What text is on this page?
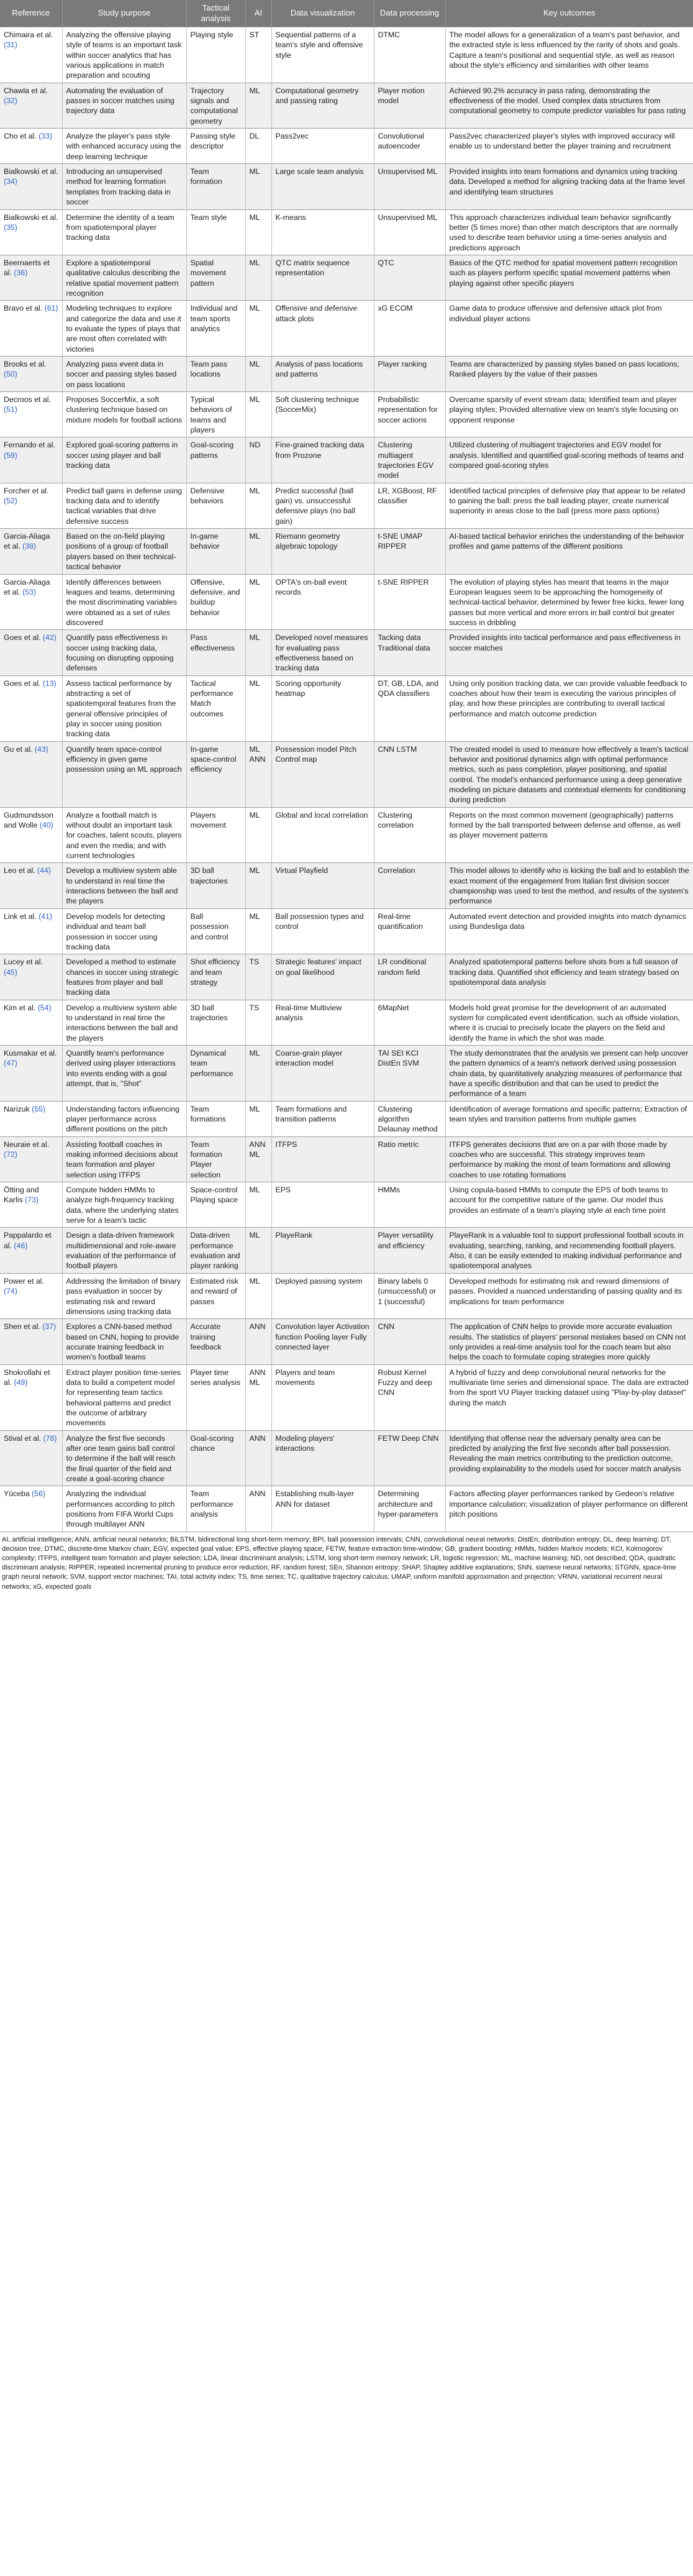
Reference	Study purpose	Tactical analysis	AI	Data visualization	Data processing	Key outcomes
Chimaira et al. (31)	Analyzing the offensive playing style of teams is an important task within soccer analytics that has various applications in match preparation and scouting	Playing style	ST	Sequential patterns of a team's style and offensive style	DTMC	The model allows for a generalization of a team's past behavior, and the extracted style is less influenced by the rarity of shots and goals. Capture a team's positional and sequential style, as well as reason about the style's efficiency and similarities with other teams
Chawla et al. (32)	Automating the evaluation of passes in soccer matches using trajectory data	Trajectory signals and computational geometry	ML	Computational geometry and passing rating	Player motion model	Achieved 90.2% accuracy in pass rating, demonstrating the effectiveness of the model. Used complex data structures from computational geometry to compute predictor variables for pass rating
Cho et al. (33)	Analyze the player's pass style with enhanced accuracy using the deep learning technique	Passing style descriptor	DL	Pass2vec	Convolutional autoencoder	Pass2vec characterized player's styles with improved accuracy will enable us to understand better the player training and recruitment
Bialkowski et al. (34)	Introducing an unsupervised method for learning formation templates from tracking data in soccer	Team formation	ML	Large scale team analysis	Unsupervised ML	Provided insights into team formations and dynamics using tracking data. Developed a method for aligning tracking data at the frame level and identifying team structures
Bialkowski et al. (35)	Determine the identity of a team from spatiotemporal player tracking data	Team style	ML	K-means	Unsupervised ML	This approach characterizes individual team behavior significantly better (5 times more) than other match descriptors that are normally used to describe team behavior using a time-series analysis and predictions approach
Beernaerts et al. (36)	Explore a spatiotemporal qualitative calculus describing the relative spatial movement pattern recognition	Spatial movement pattern	ML	QTC matrix sequence representation	QTC	Basics of the QTC method for spatial movement pattern recognition such as players perform specific spatial movement patterns when playing against other specific players
Bravo et al. (61)	Modeling techniques to explore and categorize the data and use it to evaluate the types of plays that are most often correlated with victories	Individual and team sports analytics	ML	Offensive and defensive attack plots	xG ECOM	Game data to produce offensive and defensive attack plot from individual player actions
Brooks et al. (50)	Analyzing pass event data in soccer and passing styles based on pass locations	Team pass locations	ML	Analysis of pass locations and patterns	Player ranking	Teams are characterized by passing styles based on pass locations; Ranked players by the value of their passes
Decroos et al. (51)	Proposes SoccerMix, a soft clustering technique based on mixture models for football actions	Typical behaviors of teams and players	ML	Soft clustering technique (SoccerMix)	Probabilistic representation for soccer actions	Overcame sparsity of event stream data; Identified team and player playing styles; Provided alternative view on team's style focusing on opponent response
Fernando et al. (59)	Explored goal-scoring patterns in soccer using player and ball tracking data	Goal-scoring patterns	ND	Fine-grained tracking data from Prozone	Clustering multiagent trajectories EGV model	Utilized clustering of multiagent trajectories and EGV model for analysis. Identified and quantified goal-scoring methods of teams and compared goal-scoring styles
Forcher et al. (52)	Predict ball gains in defense using tracking data and to identify tactical variables that drive defensive success	Defensive behaviors	ML	Predict successful (ball gain) vs. unsuccessful defensive plays (no ball gain)	LR, XGBoost, RF classifier	Identified tactical principles of defensive play that appear to be related to gaining the ball: press the ball leading player, create numerical superiority in areas close to the ball (press more pass options)
Garcia-Aliaga et al. (38)	Based on the on-field playing positions of a group of football players based on their technical-tactical behavior	In-game behavior	ML	Riemann geometry algebraic topology	t-SNE UMAP RIPPER	AI-based tactical behavior enriches the understanding of the behavior profiles and game patterns of the different positions
Garcia-Aliaga et al. (53)	Identify differences between leagues and teams, determining the most discriminating variables were obtained as a set of rules discovered	Offensive, defensive, and buildup behavior	ML	OPTA's on-ball event records	t-SNE RIPPER	The evolution of playing styles has meant that teams in the major European leagues seem to be approaching the homogeneity of technical-tactical behavior, determined by fewer free kicks, fewer long passes but more vertical and more errors in ball control but greater success in dribbling
Goes et al. (42)	Quantify pass effectiveness in soccer using tracking data, focusing on disrupting opposing defenses	Pass effectiveness	ML	Developed novel measures for evaluating pass effectiveness based on tracking data	Tacking data Traditional data	Provided insights into tactical performance and pass effectiveness in soccer matches
Goes et al. (13)	Assess tactical performance by abstracting a set of spatiotemporal features from the general offensive principles of play in soccer using position tracking data	Tactical performance Match outcomes	ML	Scoring opportunity heatmap	DT, GB, LDA, and QDA classifiers	Using only position tracking data, we can provide valuable feedback to coaches about how their team is executing the various principles of play, and how these principles are contributing to overall tactical performance and match outcome prediction
Gu et al. (43)	Quantify team space-control efficiency in given game possession using an ML approach	In-game space-control efficiency	ML ANN	Possession model Pitch Control map	CNN LSTM	The created model is used to measure how effectively a team's tactical behavior and positional dynamics align with optimal performance metrics, such as pass completion, player positioning, and spatial control. The model's enhanced performance using a deep generative modeling on picture datasets and contextual elements for conditioning during prediction
Gudmundsson and Wolle (40)	Analyze a football match is without doubt an important task for coaches, talent scouts, players and even the media; and with current technologies	Players movement	ML	Global and local correlation	Clustering correlation	Reports on the most common movement (geographically) patterns formed by the ball transported between defense and offense, as well as player movement patterns
Leo et al. (44)	Develop a multiview system able to understand in real time the interactions between the ball and the players	3D ball trajectories	ML	Virtual Playfield	Correlation	This model allows to identify who is kicking the ball and to establish the exact moment of the engagement from Italian first division soccer championship was used to test the method, and results of the system's performance
Link et al. (41)	Develop models for detecting individual and team ball possession in soccer using tracking data	Ball possession and control	ML	Ball possession types and control	Real-time quantification	Automated event detection and provided insights into match dynamics using Bundesliga data
Lucey et al. (45)	Developed a method to estimate chances in soccer using strategic features from player and ball tracking data	Shot efficiency and team strategy	TS	Strategic features' impact on goal likelihood	LR conditional random field	Analyzed spatiotemporal patterns before shots from a full season of tracking data. Quantified shot efficiency and team strategy based on spatiotemporal data analysis
Kim et al. (54)	Develop a multiview system able to understand in real time the interactions between the ball and the players	3D ball trajectories	TS	Real-time Multiview analysis	6MapNet	Models hold great promise for the development of an automated system for complicated event identification, such as offside violation, where it is crucial to precisely locate the players on the field and identify the frame in which the shot was made.
Kusmakar et al. (47)	Quantify team's performance derived using player interactions into events ending with a goal attempt, that is, "Shot"	Dynamical team performance	ML	Coarse-grain player interaction model	TAI SEI KCI DistEn SVM	The study demonstrates that the analysis we present can help uncover the pattern dynamics of a team's network derived using possession chain data, by quantitatively analyzing measures of performance that have a specific distribution and that can be used to predict the performance of a team
Narizuk (55)	Understanding factors influencing player performance across different positions on the pitch	Team formations	ML	Team formations and transition patterns	Clustering algorithm Delaunay method	Identification of average formations and specific patterns; Extraction of team styles and transition patterns from multiple games
Neuraie et al. (72)	Assisting football coaches in making informed decisions about team formation and player selection using ITFPS	Team formation Player selection	ANN ML	ITFPS	Ratio metric	ITFPS generates decisions that are on a par with those made by coaches who are successful. This strategy improves team performance by making the most of team formations and allowing coaches to use rotating formations
Ötting and Karlis (73)	Compute hidden HMMs to analyze high-frequency tracking data, where the underlying states serve for a team's tactic	Space-control Playing space	ML	EPS	HMMs	Using copula-based HMMs to compute the EPS of both teams to account for the competitive nature of the game. Our model thus provides an estimate of a team's playing style at each time point
Pappalardo et al. (46)	Design a data-driven framework multidimensional and role-aware evaluation of the performance of football players	Data-driven performance evaluation and player ranking	ML	PlayeRank	Player versatility and efficiency	PlayeRank is a valuable tool to support professional football scouts in evaluating, searching, ranking, and recommending football players. Also, it can be easily extended to making individual performance and spatiotemporal analyses
Power et al. (74)	Addressing the limitation of binary pass evaluation in soccer by estimating risk and reward dimensions using tracking data	Estimated risk and reward of passes	ML	Deployed passing system	Binary labels 0 (unsuccessful) or 1 (successful)	Developed methods for estimating risk and reward dimensions of passes. Provided a nuanced understanding of passing quality and its implications for team performance
Shen et al. (37)	Explores a CNN-based method based on CNN, hoping to provide accurate training feedback in women's football teams	Accurate training feedback	ANN	Convolution layer Activation function Pooling layer Fully connected layer	CNN	The application of CNN helps to provide more accurate evaluation results. The statistics of players' personal mistakes based on CNN not only provides a real-time analysis tool for the coach team but also helps the coach to formulate coping strategies more quickly
Shokrollahi et al. (49)	Extract player position time-series data to build a competent model for representing team tactics behavioral patterns and predict the outcome of arbitrary movements	Player time series analysis	ANN ML	Players and team movements	Robust Kernel Fuzzy and deep CNN	A hybrid of fuzzy and deep convolutional neural networks for the multivariate time series and dimensional space. The data are extracted from the sport VU Player tracking dataset using "Play-by-play dataset" during the match
Stival et al. (78)	Analyze the first five seconds after one team gains ball control to determine if the ball will reach the final quarter of the field and create a goal-scoring chance	Goal-scoring chance	ANN	Modeling players' interactions	FETW Deep CNN	Identifying that offense near the adversary penalty area can be predicted by analyzing the first five seconds after ball possession. Revealing the main metrics contributing to the prediction outcome, providing explainability to the models used for soccer match analysis
Yüceba (56)	Analyzing the individual performances according to pitch positions from FIFA World Cups through multilayer ANN	Team performance analysis	ANN	Establishing multi-layer ANN for dataset	Determining architecture and hyper-parameters	Factors affecting player performances ranked by Gedeon's relative importance calculation; visualization of player performance on different pitch positions
AI, artificial intelligence; ANN, artificial neural networks; BiLSTM, bidirectional long short-term memory; BPI, ball possession intervals; CNN, convolutional neural networks; DistEn, distribution entropy; DL, deep learning; DT, decision tree; DTMC, discrete-time Markov chain; EGV, expected goal value; EPS, effective playing space; FETW, feature extraction time-window; GB, gradient boosting; HMMs, hidden Markov models; KCI, Kolmogorov complexity; ITFPS, intelligent team formation and player selection; LDA, linear discriminant analysis; LSTM, long short-term memory network; LR, logistic regression; ML, machine learning; ND, not described; QDA, quadratic discriminant analysis; RIPPER, repeated incremental pruning to produce error reduction; RF, random forest; SEn, Shannon entropy; SHAP, Shapley additive explanations; SNN, siamese neural networks; STGNN, space-time graph neural network; SVM, support vector machines; TAI, total activity index; TS, time series; TC, qualitative trajectory calculus; UMAP, uniform manifold approximation and projection; VRNN, variational recurrent neural networks; xG, expected goals
